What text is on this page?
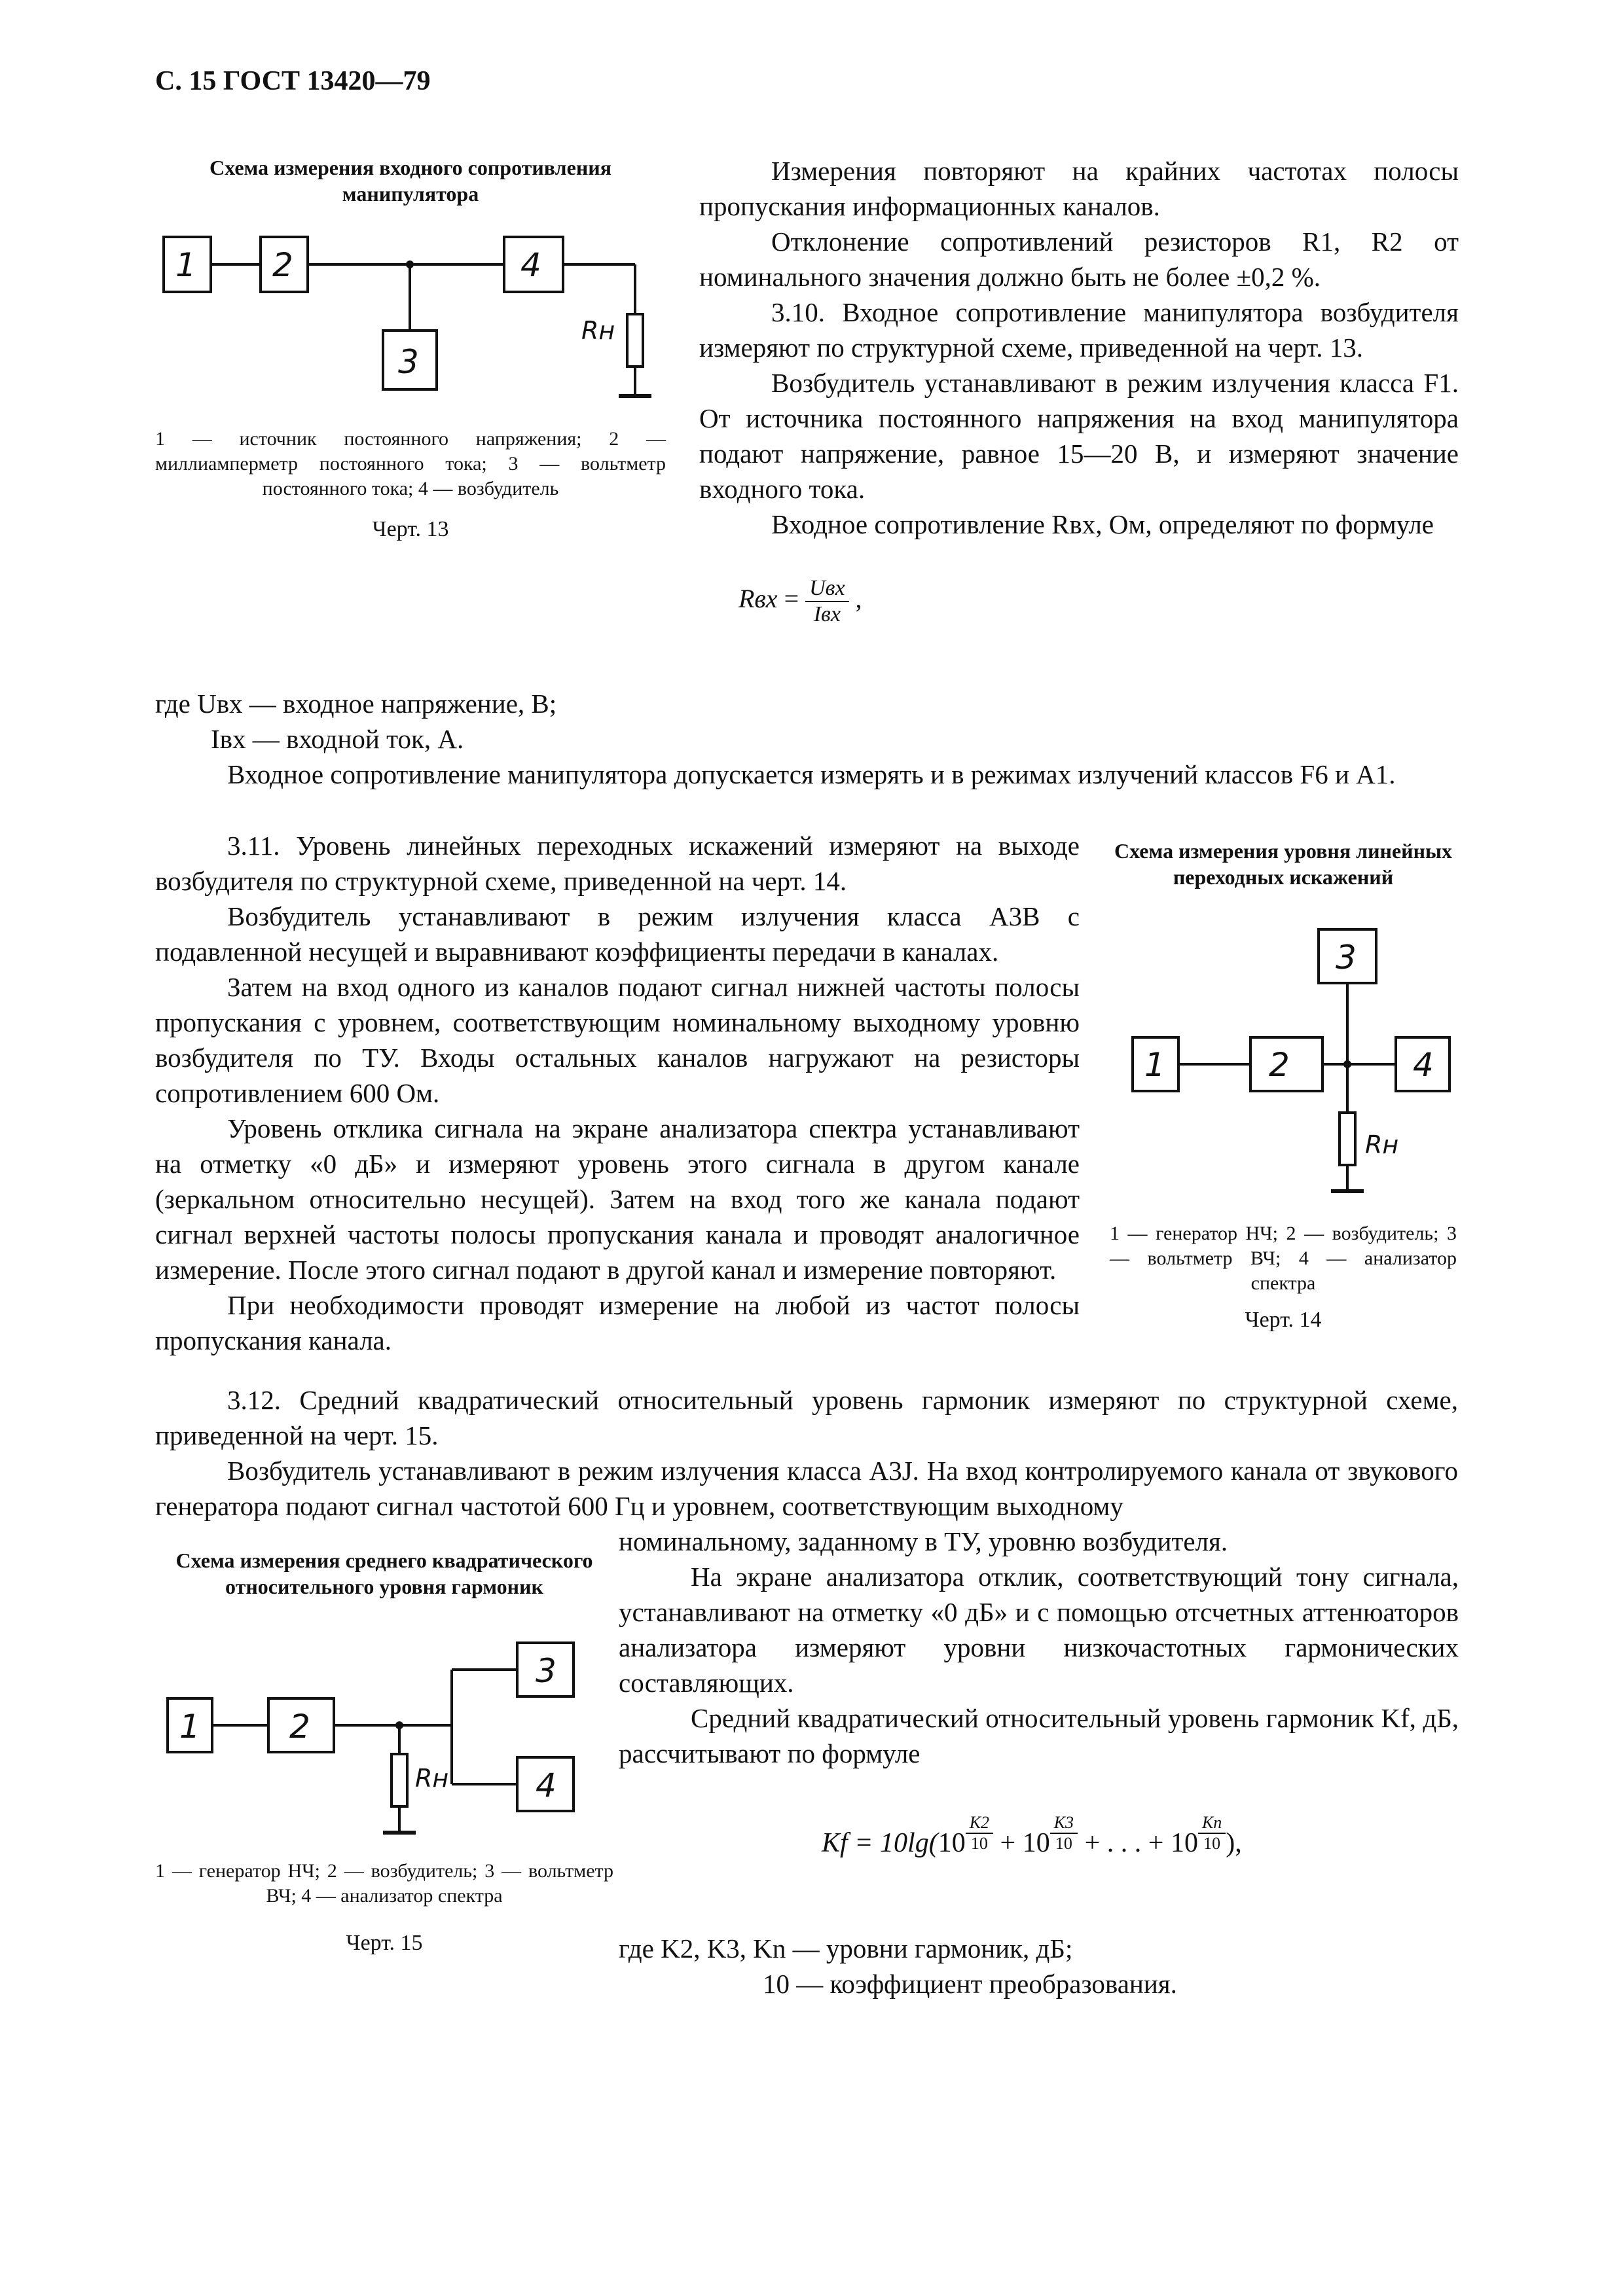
С. 15 ГОСТ 13420—79
Схема измерения входного сопротивления манипулятора
1 2
3
4
Rн
1 — источник постоянного напряжения; 2 — миллиамперметр постоянного тока; 3 — вольтметр постоянного тока; 4 — возбудитель
Черт. 13

Измерения повторяют на крайних частотах полосы пропускания информационных каналов.

Отклонение сопротивлений резисторов R1, R2 от номинального значения должно быть не более ±0,2 %.

3.10. Входное сопротивление манипулятора возбудителя измеряют по структурной схеме, приведенной на черт. 13.

Возбудитель устанавливают в режим излучения класса F1. От источника постоянного напряжения на вход манипулятора подают напряжение, равное 15—20 В, и измеряют значение входного тока.

Входное сопротивление Rвх, Ом, определяют по формуле

Rвх = $\frac{\text{Uвх}}{\text{Iвх}}$ ,

где Uвх — входное напряжение, В;

Iвх — входной ток, А.

Входное сопротивление манипулятора допускается измерять и в режимах излучений классов F6 и A1.

3.11. Уровень линейных переходных искажений измеряют на выходе возбудителя по структурной схеме, приведенной на черт. 14.

Возбудитель устанавливают в режим излучения класса A3B с подавленной несущей и выравнивают коэффициенты передачи в каналах.

Затем на вход одного из каналов подают сигнал нижней частоты полосы пропускания с уровнем, соответствующим номинальному выходному уровню возбудителя по ТУ. Входы остальных каналов нагружают на резисторы сопротивлением 600 Ом.

Уровень отклика сигнала на экране анализатора спектра устанавливают на отметку «0 дБ» и измеряют уровень этого сигнала в другом канале (зеркальном относительно несущей). Затем на вход того же канала подают сигнал верхней частоты полосы пропускания канала и проводят аналогичное измерение. После этого сигнал подают в другой канал и измерение повторяют.

При необходимости проводят измерение на любой из частот полосы пропускания канала.

Схема измерения уровня линейных переходных искажений
3
1	2	4
Rн
1 — генератор НЧ; 2 — возбудитель; 3 — вольтметр ВЧ; 4 — анализатор спектра
Черт. 14

3.12. Средний квадратический относительный уровень гармоник измеряют по структурной схеме, приведенной на черт. 15.

Возбудитель устанавливают в режим излучения класса A3J. На вход контролируемого канала от звукового генератора подают сигнал частотой 600 Гц и уровнем, соответствующим выходному

Схема измерения среднего квадратического относительного уровня гармоник
1	2
3
4
Rн
1 — генератор НЧ; 2 — возбудитель; 3 — вольтметр ВЧ; 4 — анализатор спектра
Черт. 15

номинальному, заданному в ТУ, уровню возбудителя.

На экране анализатора отклик, соответствующий тону сигнала, устанавливают на отметку «0 дБ» и с помощью отсчетных аттенюаторов анализатора измеряют уровни низкочастотных гармонических составляющих.

Средний квадратический относительный уровень гармоник Kf, дБ, рассчитывают по формуле

Kf = 10lg(10 $^{\frac{K2}{10}}$ + 10 $^{\frac{K3}{10}}$ + . . . + 10 $^{\frac{Kn}{10}}$ ),

где K2, K3, Kn — уровни гармоник, дБ;

10 — коэффициент преобразования.
